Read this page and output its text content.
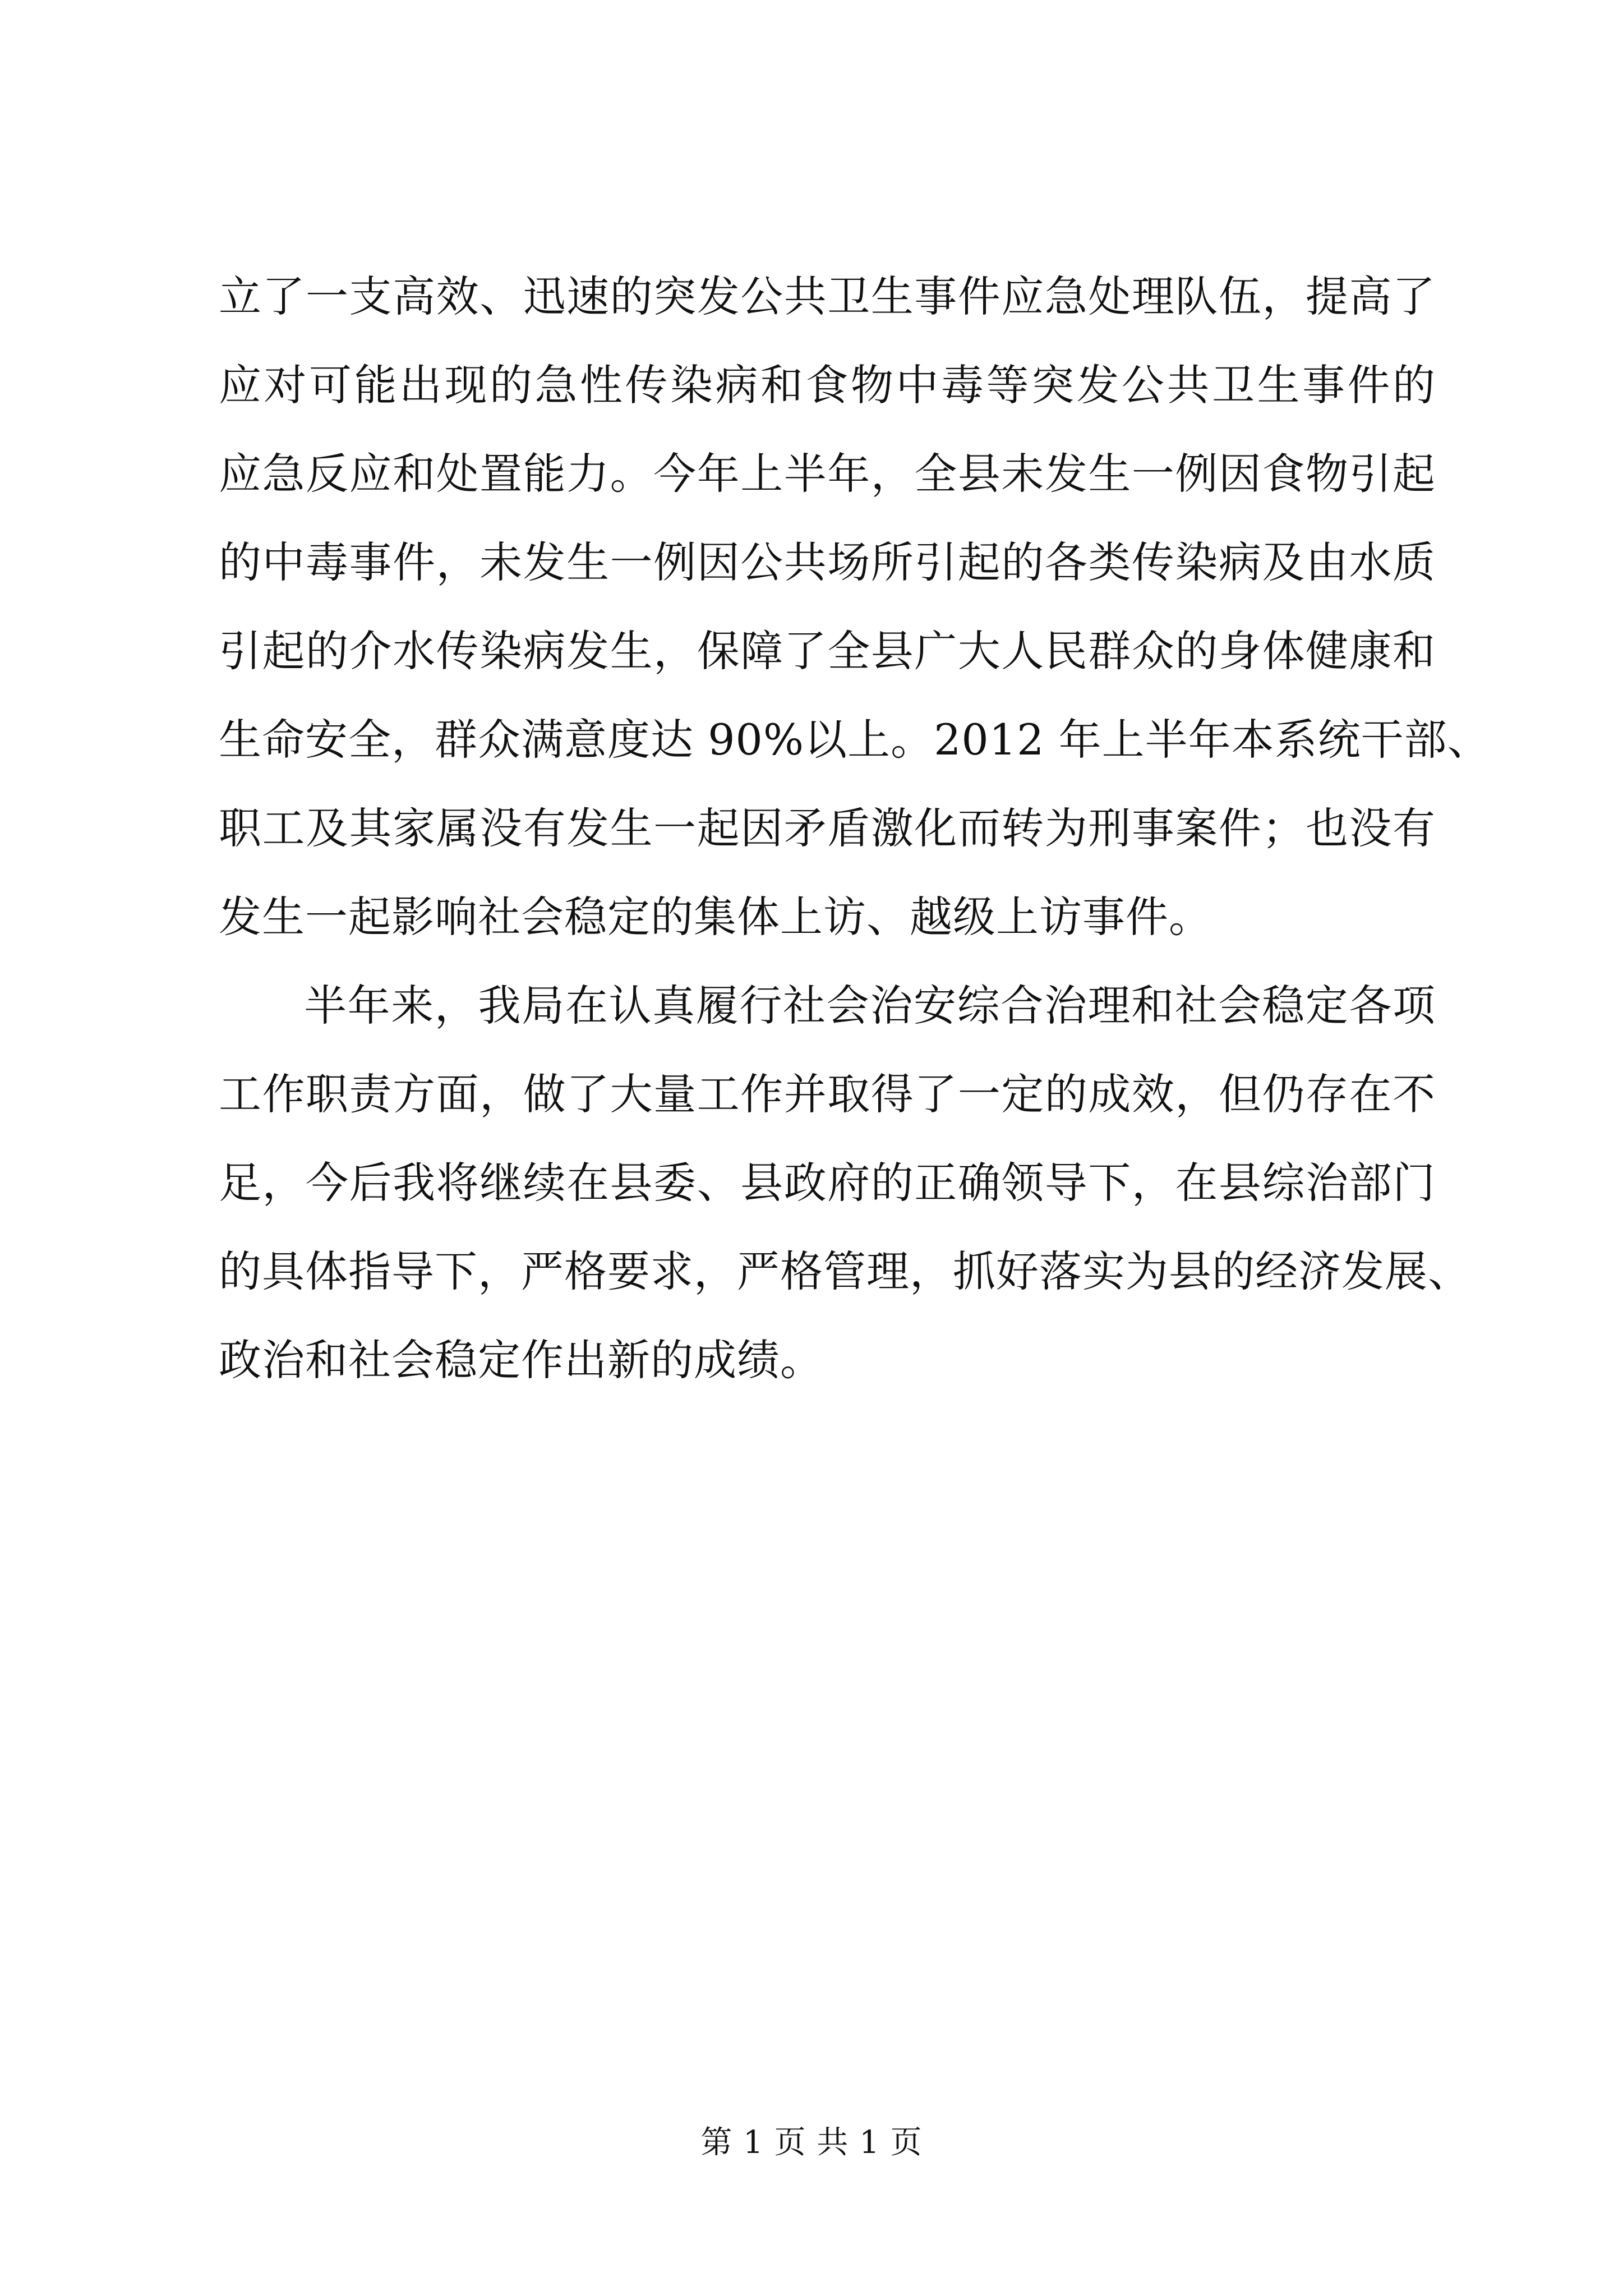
立了一支高效、迅速的突发公共卫生事件应急处理队伍，提高了
应对可能出现的急性传染病和食物中毒等突发公共卫生事件的
应急反应和处置能力。今年上半年，全县未发生一例因食物引起
的中毒事件，未发生一例因公共场所引起的各类传染病及由水质
引起的介水传染病发生，保障了全县广大人民群众的身体健康和
生命安全，群众满意度达 90%以上。2012 年上半年本系统干部、
职工及其家属没有发生一起因矛盾激化而转为刑事案件；也没有
发生一起影响社会稳定的集体上访、越级上访事件。
半年来，我局在认真履行社会治安综合治理和社会稳定各项
工作职责方面，做了大量工作并取得了一定的成效，但仍存在不
足，今后我将继续在县委、县政府的正确领导下，在县综治部门
的具体指导下，严格要求，严格管理，抓好落实为县的经济发展、
政治和社会稳定作出新的成绩。
第 1 页 共 1 页
